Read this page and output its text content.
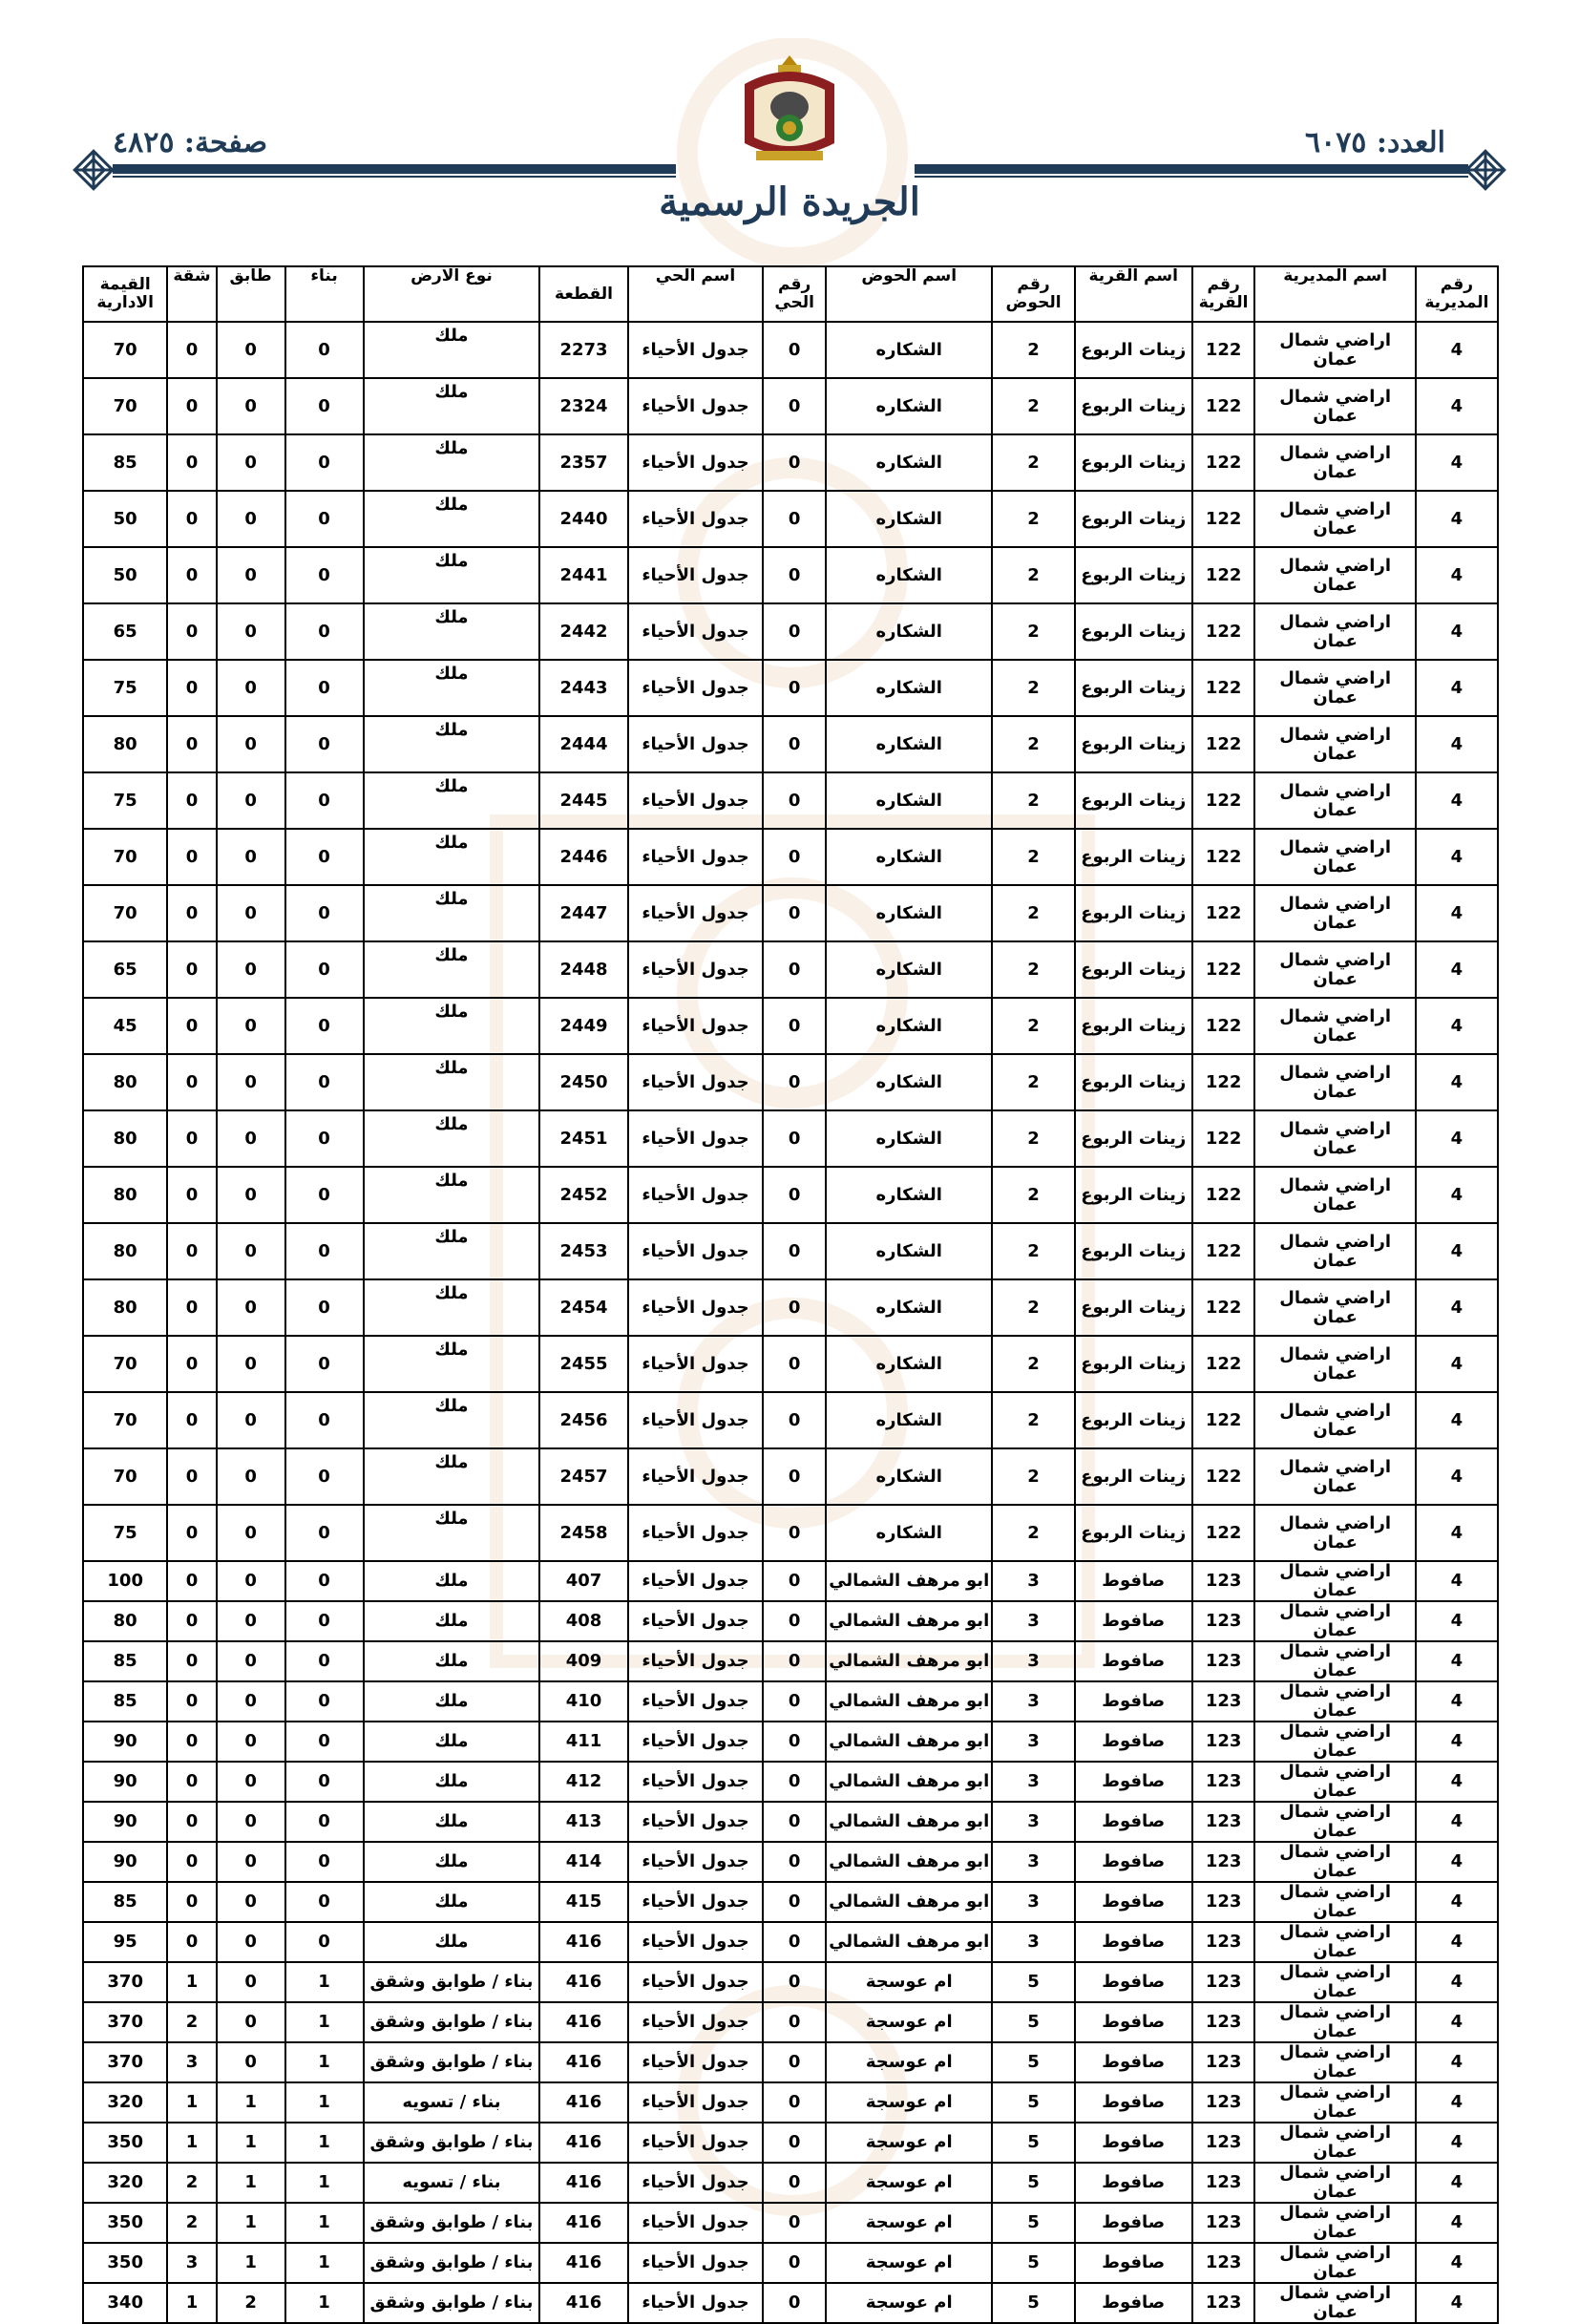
العدد: ٦٠٧٥
صفحة: ٤٨٢٥
الجريدة الرسمية
رقم المديرية	اسم المديرية	رقم القرية	اسم القرية	رقم الحوض	اسم الحوض	رقم الحي	اسم الحي	القطعة	نوع الارض	بناء	طابق	شقة	القيمة الادارية
4	اراضي شمال عمان	122	زينات الربوع	2	الشكاره	0	جدول الأحياء	2273	ملك	0	0	0	70
4	اراضي شمال عمان	122	زينات الربوع	2	الشكاره	0	جدول الأحياء	2324	ملك	0	0	0	70
4	اراضي شمال عمان	122	زينات الربوع	2	الشكاره	0	جدول الأحياء	2357	ملك	0	0	0	85
4	اراضي شمال عمان	122	زينات الربوع	2	الشكاره	0	جدول الأحياء	2440	ملك	0	0	0	50
4	اراضي شمال عمان	122	زينات الربوع	2	الشكاره	0	جدول الأحياء	2441	ملك	0	0	0	50
4	اراضي شمال عمان	122	زينات الربوع	2	الشكاره	0	جدول الأحياء	2442	ملك	0	0	0	65
4	اراضي شمال عمان	122	زينات الربوع	2	الشكاره	0	جدول الأحياء	2443	ملك	0	0	0	75
4	اراضي شمال عمان	122	زينات الربوع	2	الشكاره	0	جدول الأحياء	2444	ملك	0	0	0	80
4	اراضي شمال عمان	122	زينات الربوع	2	الشكاره	0	جدول الأحياء	2445	ملك	0	0	0	75
4	اراضي شمال عمان	122	زينات الربوع	2	الشكاره	0	جدول الأحياء	2446	ملك	0	0	0	70
4	اراضي شمال عمان	122	زينات الربوع	2	الشكاره	0	جدول الأحياء	2447	ملك	0	0	0	70
4	اراضي شمال عمان	122	زينات الربوع	2	الشكاره	0	جدول الأحياء	2448	ملك	0	0	0	65
4	اراضي شمال عمان	122	زينات الربوع	2	الشكاره	0	جدول الأحياء	2449	ملك	0	0	0	45
4	اراضي شمال عمان	122	زينات الربوع	2	الشكاره	0	جدول الأحياء	2450	ملك	0	0	0	80
4	اراضي شمال عمان	122	زينات الربوع	2	الشكاره	0	جدول الأحياء	2451	ملك	0	0	0	80
4	اراضي شمال عمان	122	زينات الربوع	2	الشكاره	0	جدول الأحياء	2452	ملك	0	0	0	80
4	اراضي شمال عمان	122	زينات الربوع	2	الشكاره	0	جدول الأحياء	2453	ملك	0	0	0	80
4	اراضي شمال عمان	122	زينات الربوع	2	الشكاره	0	جدول الأحياء	2454	ملك	0	0	0	80
4	اراضي شمال عمان	122	زينات الربوع	2	الشكاره	0	جدول الأحياء	2455	ملك	0	0	0	70
4	اراضي شمال عمان	122	زينات الربوع	2	الشكاره	0	جدول الأحياء	2456	ملك	0	0	0	70
4	اراضي شمال عمان	122	زينات الربوع	2	الشكاره	0	جدول الأحياء	2457	ملك	0	0	0	70
4	اراضي شمال عمان	122	زينات الربوع	2	الشكاره	0	جدول الأحياء	2458	ملك	0	0	0	75
4	اراضي شمال عمان	123	صافوط	3	ابو مرهف الشمالي	0	جدول الأحياء	407	ملك	0	0	0	100
4	اراضي شمال عمان	123	صافوط	3	ابو مرهف الشمالي	0	جدول الأحياء	408	ملك	0	0	0	80
4	اراضي شمال عمان	123	صافوط	3	ابو مرهف الشمالي	0	جدول الأحياء	409	ملك	0	0	0	85
4	اراضي شمال عمان	123	صافوط	3	ابو مرهف الشمالي	0	جدول الأحياء	410	ملك	0	0	0	85
4	اراضي شمال عمان	123	صافوط	3	ابو مرهف الشمالي	0	جدول الأحياء	411	ملك	0	0	0	90
4	اراضي شمال عمان	123	صافوط	3	ابو مرهف الشمالي	0	جدول الأحياء	412	ملك	0	0	0	90
4	اراضي شمال عمان	123	صافوط	3	ابو مرهف الشمالي	0	جدول الأحياء	413	ملك	0	0	0	90
4	اراضي شمال عمان	123	صافوط	3	ابو مرهف الشمالي	0	جدول الأحياء	414	ملك	0	0	0	90
4	اراضي شمال عمان	123	صافوط	3	ابو مرهف الشمالي	0	جدول الأحياء	415	ملك	0	0	0	85
4	اراضي شمال عمان	123	صافوط	3	ابو مرهف الشمالي	0	جدول الأحياء	416	ملك	0	0	0	95
4	اراضي شمال عمان	123	صافوط	5	ام عوسجة	0	جدول الأحياء	416	بناء / طوابق وشقق	1	0	1	370
4	اراضي شمال عمان	123	صافوط	5	ام عوسجة	0	جدول الأحياء	416	بناء / طوابق وشقق	1	0	2	370
4	اراضي شمال عمان	123	صافوط	5	ام عوسجة	0	جدول الأحياء	416	بناء / طوابق وشقق	1	0	3	370
4	اراضي شمال عمان	123	صافوط	5	ام عوسجة	0	جدول الأحياء	416	بناء / تسويه	1	1	1	320
4	اراضي شمال عمان	123	صافوط	5	ام عوسجة	0	جدول الأحياء	416	بناء / طوابق وشقق	1	1	1	350
4	اراضي شمال عمان	123	صافوط	5	ام عوسجة	0	جدول الأحياء	416	بناء / تسويه	1	1	2	320
4	اراضي شمال عمان	123	صافوط	5	ام عوسجة	0	جدول الأحياء	416	بناء / طوابق وشقق	1	1	2	350
4	اراضي شمال عمان	123	صافوط	5	ام عوسجة	0	جدول الأحياء	416	بناء / طوابق وشقق	1	1	3	350
4	اراضي شمال عمان	123	صافوط	5	ام عوسجة	0	جدول الأحياء	416	بناء / طوابق وشقق	1	2	1	340
